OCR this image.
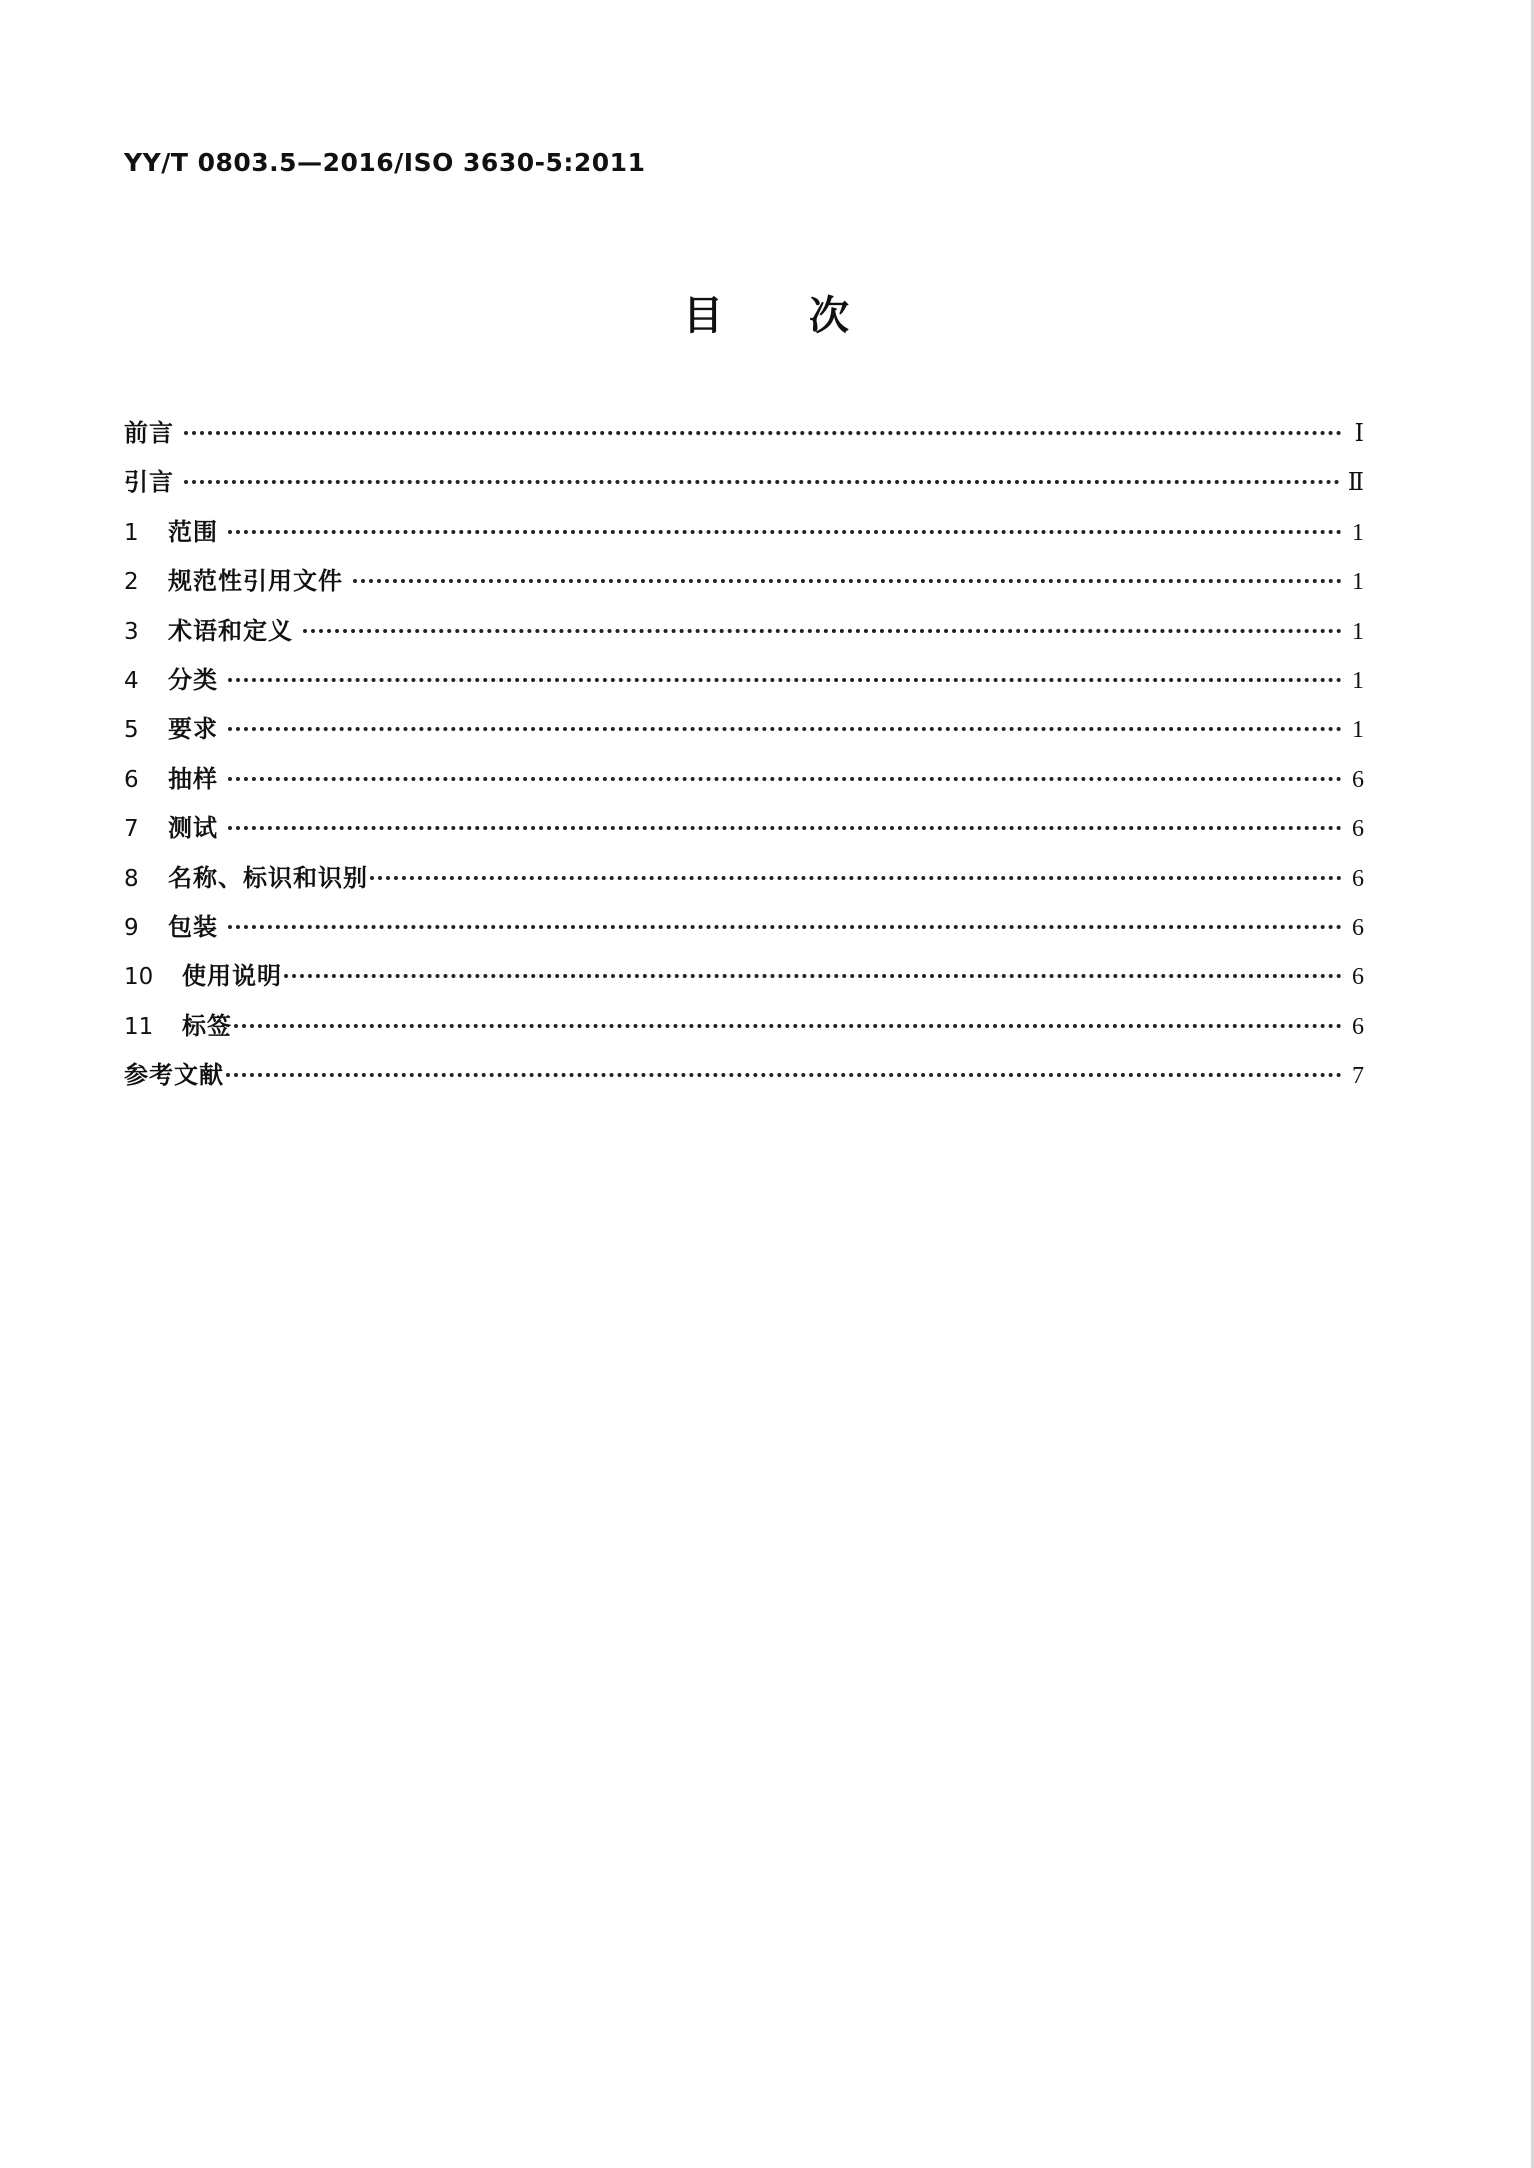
YY/T 0803.5—2016/ISO 3630-5:2011
目　　次
前言	Ⅰ
引言	Ⅱ
1	范围	1
2	规范性引用文件	1
3	术语和定义	1
4	分类	1
5	要求	1
6	抽样	6
7	测试	6
8	名称、标识和识别	6
9	包装	6
10	使用说明	6
11	标签	6
参考文献	7
